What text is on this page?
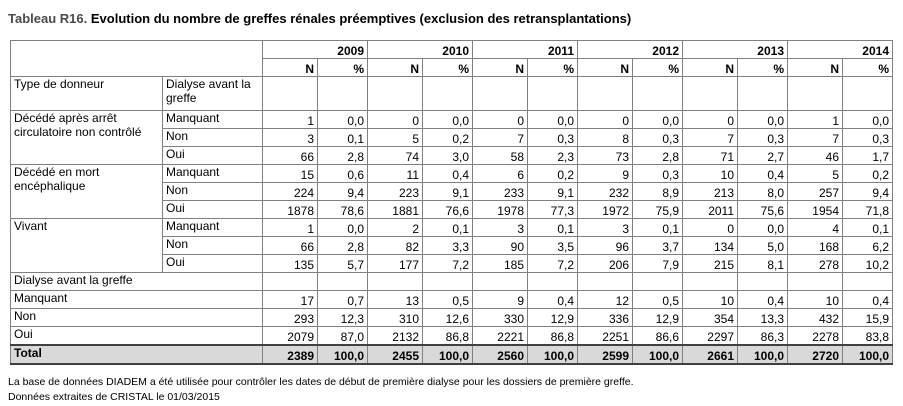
Tableau R16. Evolution du nombre de greffes rénales préemptives (exclusion des retransplantations)
		2009		2010		2011		2012		2013		2014	
		N	%	N	%	N	%	N	%	N	%	N	%
Type de donneur	Dialyse avant la greffe												
Décédé après arrêt circulatoire non contrôlé	Manquant	1	0,0	0	0,0	0	0,0	0	0,0	0	0,0	1	0,0
	Non	3	0,1	5	0,2	7	0,3	8	0,3	7	0,3	7	0,3
	Oui	66	2,8	74	3,0	58	2,3	73	2,8	71	2,7	46	1,7
Décédé en mort encéphalique	Manquant	15	0,6	11	0,4	6	0,2	9	0,3	10	0,4	5	0,2
	Non	224	9,4	223	9,1	233	9,1	232	8,9	213	8,0	257	9,4
	Oui	1878	78,6	1881	76,6	1978	77,3	1972	75,9	2011	75,6	1954	71,8
Vivant	Manquant	1	0,0	2	0,1	3	0,1	3	0,1	0	0,0	4	0,1
	Non	66	2,8	82	3,3	90	3,5	96	3,7	134	5,0	168	6,2
	Oui	135	5,7	177	7,2	185	7,2	206	7,9	215	8,1	278	10,2
Dialyse avant la greffe													
Manquant		17	0,7	13	0,5	9	0,4	12	0,5	10	0,4	10	0,4
Non		293	12,3	310	12,6	330	12,9	336	12,9	354	13,3	432	15,9
Oui		2079	87,0	2132	86,8	2221	86,8	2251	86,6	2297	86,3	2278	83,8
Total		2389	100,0	2455	100,0	2560	100,0	2599	100,0	2661	100,0	2720	100,0
La base de données DIADEM a été utilisée pour contrôler les dates de début de première dialyse pour les dossiers de première greffe.
Données extraites de CRISTAL le 01/03/2015
